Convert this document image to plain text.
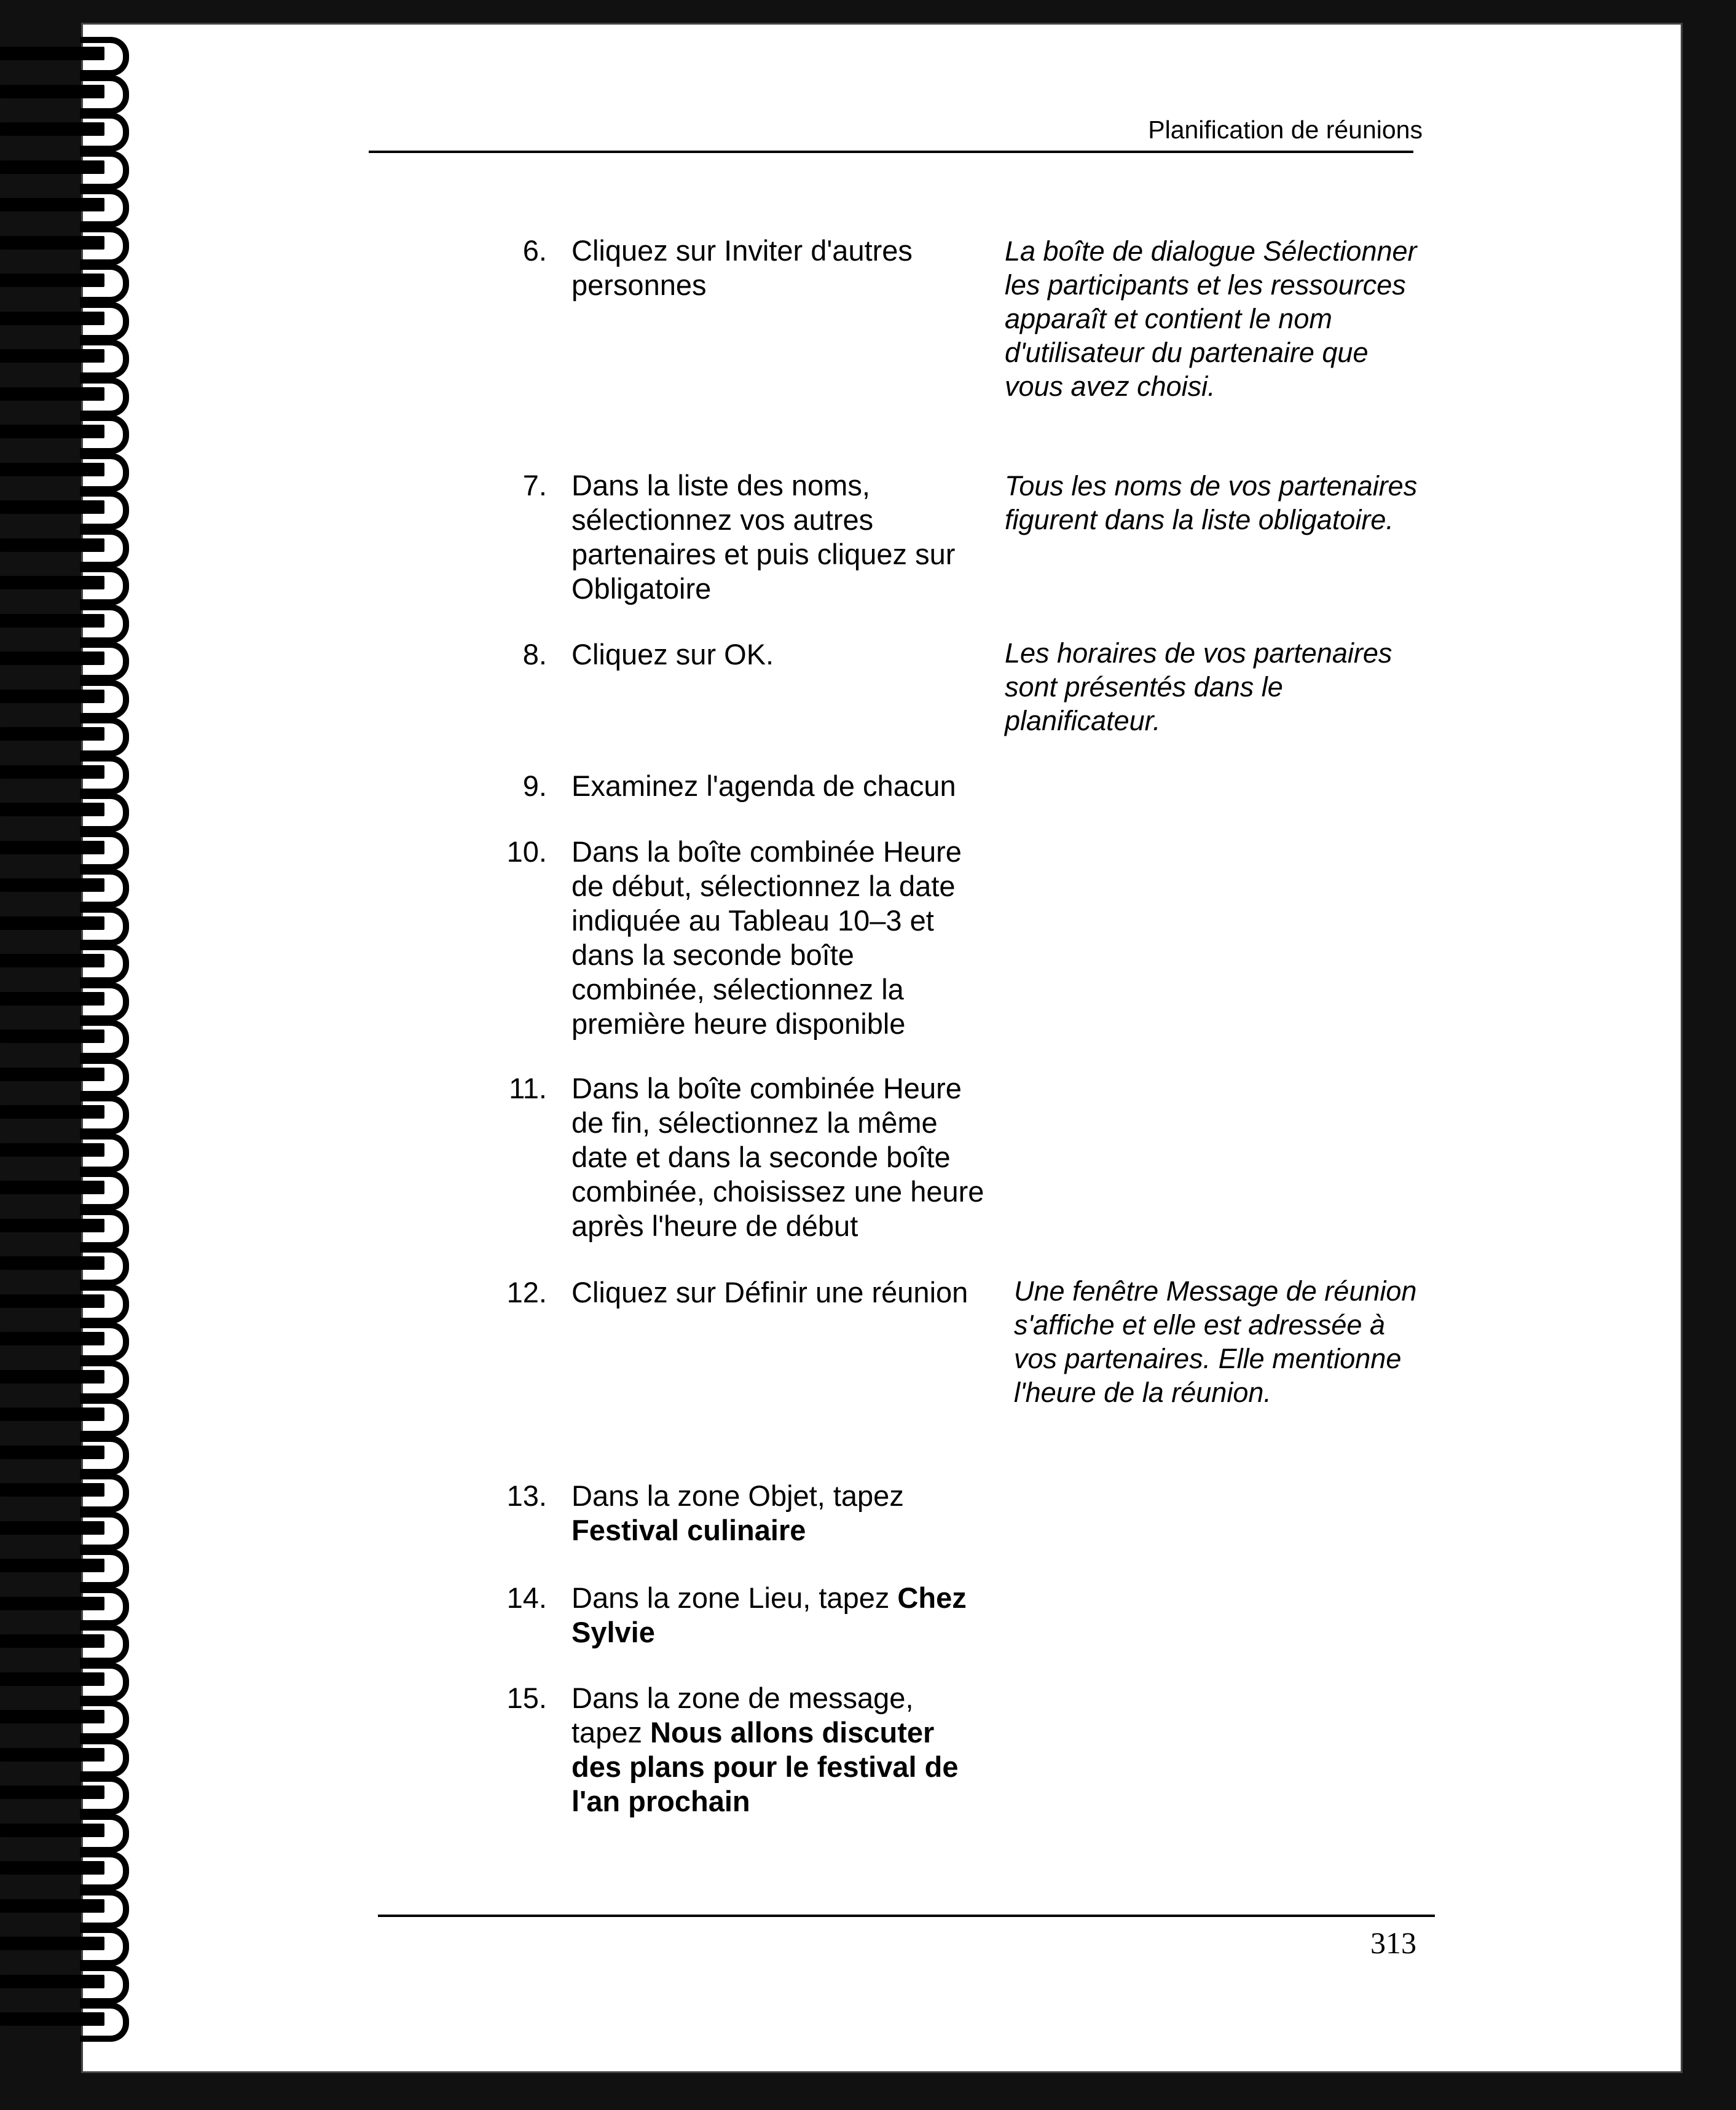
Planification de réunions
6. Cliquez sur Inviter d'autres personnes
La boîte de dialogue Sélectionner les participants et les ressources apparaît et contient le nom d'utilisateur du partenaire que vous avez choisi.
7. Dans la liste des noms, sélectionnez vos autres partenaires et puis cliquez sur Obligatoire
Tous les noms de vos partenaires figurent dans la liste obligatoire.
8. Cliquez sur OK.	Les horaires de vos partenaires sont présentés dans le planificateur.
9. Examinez l'agenda de chacun
10. Dans la boîte combinée Heure de début, sélectionnez la date indiquée au Tableau 10–3 et dans la seconde boîte combinée, sélectionnez la première heure disponible
11. Dans la boîte combinée Heure de fin, sélectionnez la même date et dans la seconde boîte combinée, choisissez une heure après l'heure de début
12. Cliquez sur Définir une réunion	Une fenêtre Message de réunion s'affiche et elle est adressée à vos partenaires. Elle mentionne l'heure de la réunion.
13. Dans la zone Objet, tapez Festival culinaire
14. Dans la zone Lieu, tapez Chez Sylvie
15. Dans la zone de message, tapez Nous allons discuter des plans pour le festival de l'an prochain
313
